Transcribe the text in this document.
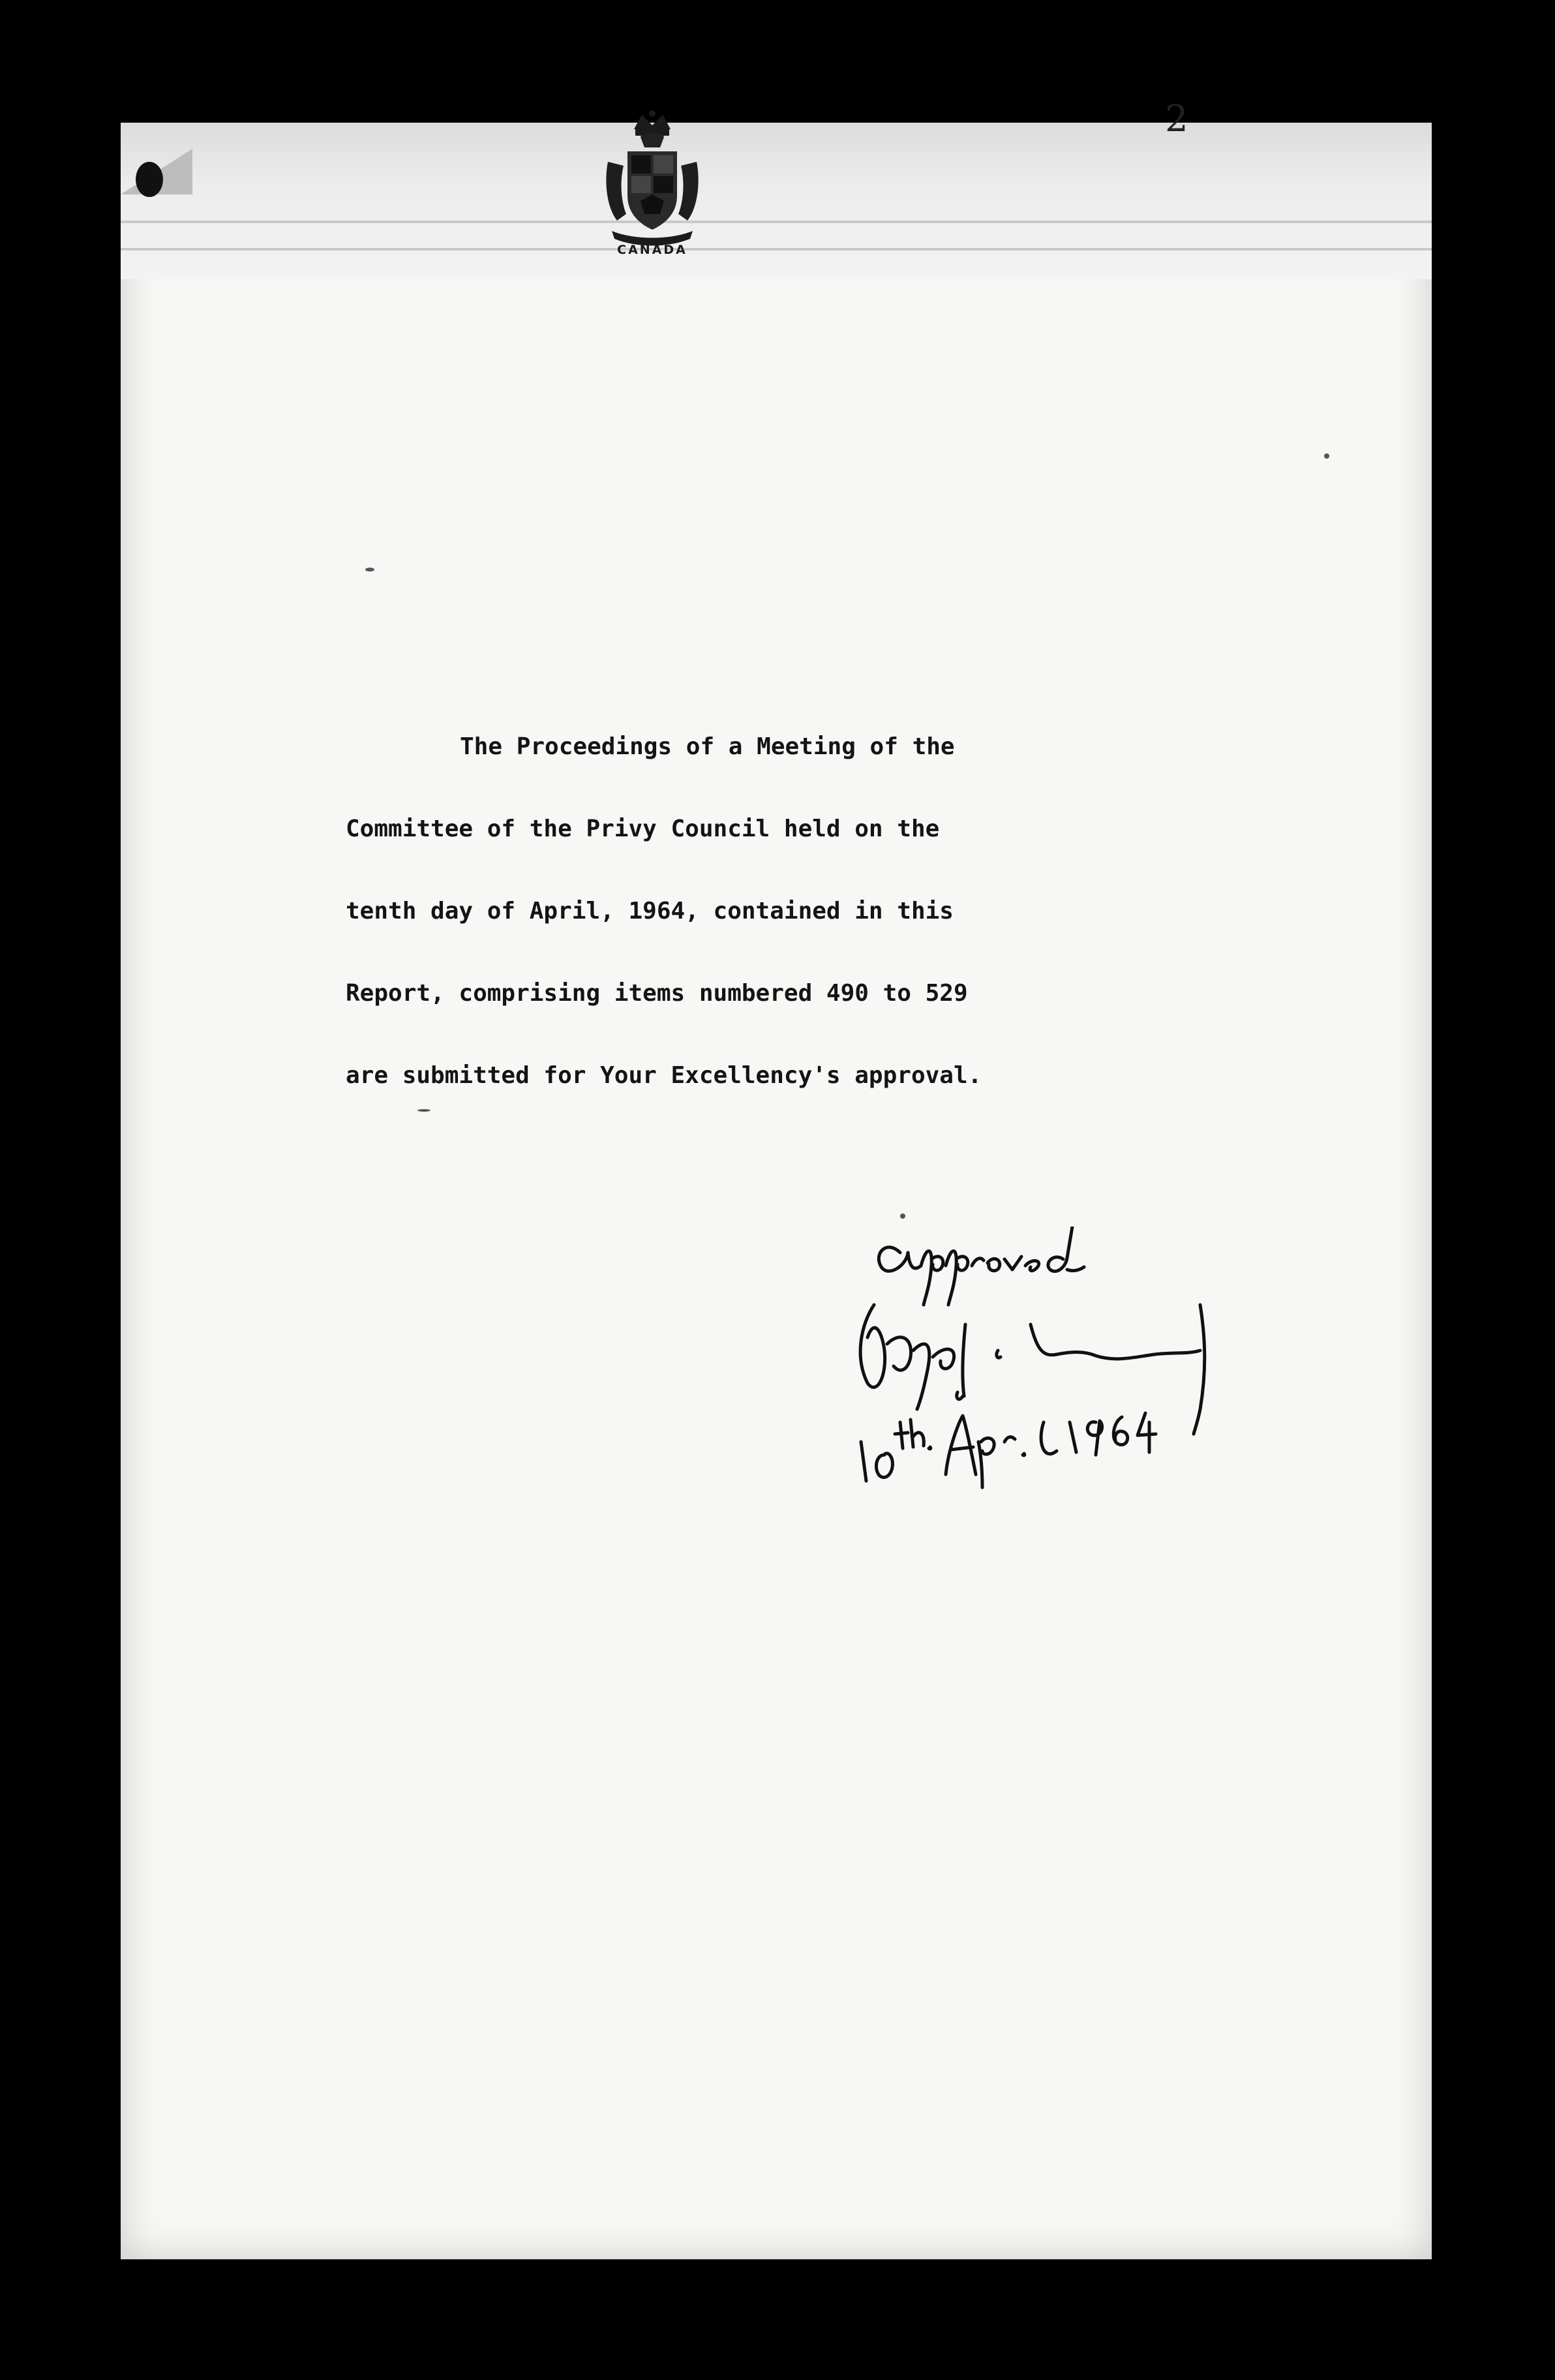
2
CANADA
The Proceedings of a Meeting of the
Committee of the Privy Council held on the
tenth day of April, 1964, contained in this
Report, comprising items numbered 490 to 529
are submitted for Your Excellency's approval.
